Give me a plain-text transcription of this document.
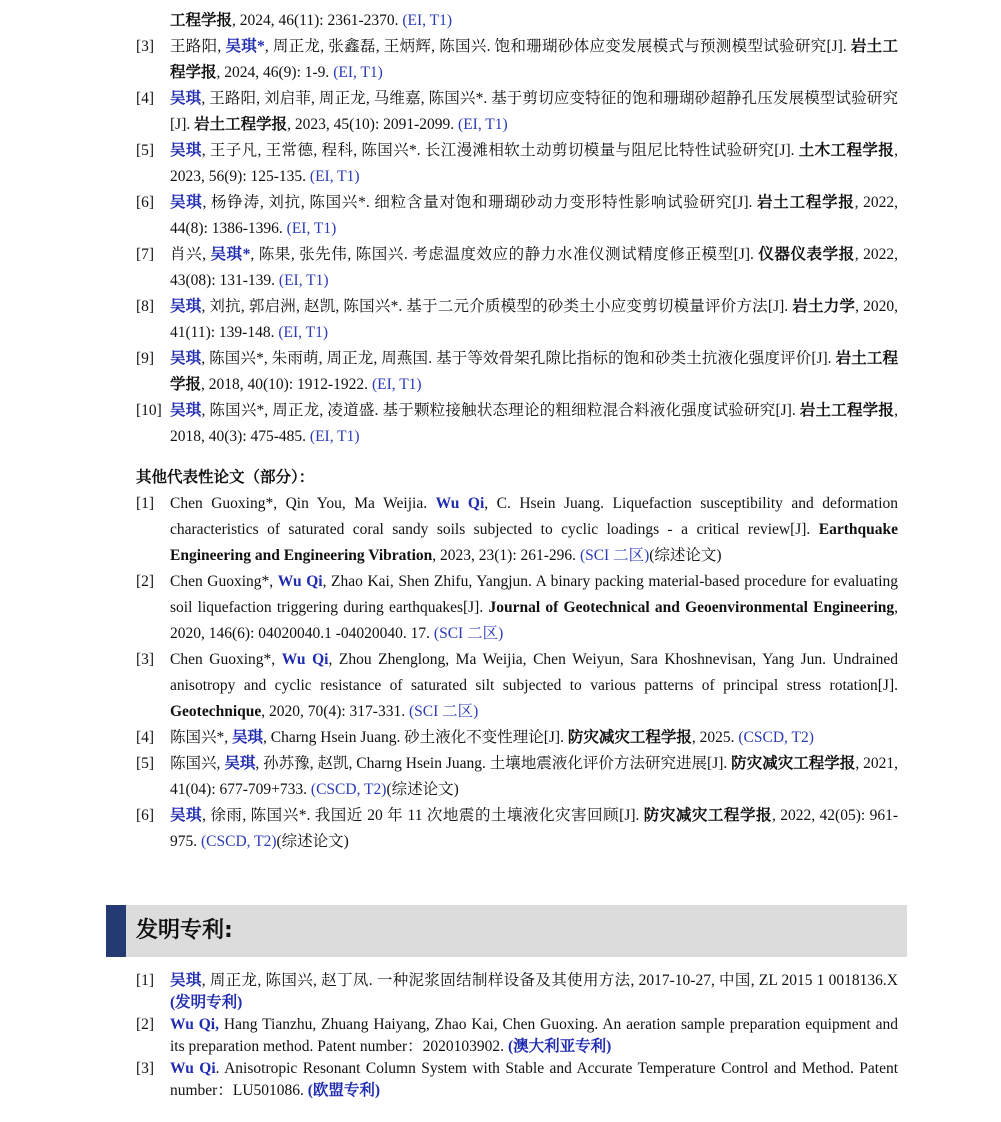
工程学报, 2024, 46(11): 2361-2370. (EI, T1)
[3]	王路阳, 吴琪*, 周正龙, 张鑫磊, 王炳辉, 陈国兴. 饱和珊瑚砂体应变发展模式与预测模型试验研究[J]. 岩土工程学报, 2024, 46(9): 1-9. (EI, T1)
[4]	吴琪, 王路阳, 刘启菲, 周正龙, 马维嘉, 陈国兴*. 基于剪切应变特征的饱和珊瑚砂超静孔压发展模型试验研究[J]. 岩土工程学报, 2023, 45(10): 2091-2099. (EI, T1)
[5]	吴琪, 王子凡, 王常德, 程科, 陈国兴*. 长江漫滩相软土动剪切模量与阻尼比特性试验研究[J]. 土木工程学报, 2023, 56(9): 125-135. (EI, T1)
[6]	吴琪, 杨铮涛, 刘抗, 陈国兴*. 细粒含量对饱和珊瑚砂动力变形特性影响试验研究[J]. 岩土工程学报, 2022, 44(8): 1386-1396. (EI, T1)
[7]	肖兴, 吴琪*, 陈果, 张先伟, 陈国兴. 考虑温度效应的静力水准仪测试精度修正模型[J]. 仪器仪表学报, 2022, 43(08): 131-139. (EI, T1)
[8]	吴琪, 刘抗, 郭启洲, 赵凯, 陈国兴*. 基于二元介质模型的砂类土小应变剪切模量评价方法[J]. 岩土力学, 2020, 41(11): 139-148. (EI, T1)
[9]	吴琪, 陈国兴*, 朱雨萌, 周正龙, 周燕国. 基于等效骨架孔隙比指标的饱和砂类土抗液化强度评价[J]. 岩土工程学报, 2018, 40(10): 1912-1922. (EI, T1)
[10] 吴琪, 陈国兴*, 周正龙, 凌道盛. 基于颗粒接触状态理论的粗细粒混合料液化强度试验研究[J]. 岩土工程学报, 2018, 40(3): 475-485. (EI, T1)
其他代表性论文（部分）：
[1]	Chen Guoxing*, Qin You, Ma Weijia. Wu Qi, C. Hsein Juang. Liquefaction susceptibility and deformation characteristics of saturated coral sandy soils subjected to cyclic loadings - a critical review[J]. Earthquake Engineering and Engineering Vibration, 2023, 23(1): 261-296. (SCI 二区)(综述论文)
[2]	Chen Guoxing*, Wu Qi, Zhao Kai, Shen Zhifu, Yangjun. A binary packing material-based procedure for evaluating soil liquefaction triggering during earthquakes[J]. Journal of Geotechnical and Geoenvironmental Engineering, 2020, 146(6): 04020040.1 -04020040. 17. (SCI 二区)
[3]	Chen Guoxing*, Wu Qi, Zhou Zhenglong, Ma Weijia, Chen Weiyun, Sara Khoshnevisan, Yang Jun. Undrained anisotropy and cyclic resistance of saturated silt subjected to various patterns of principal stress rotation[J]. Geotechnique, 2020, 70(4): 317-331. (SCI 二区)
[4]	陈国兴*, 吴琪, Charng Hsein Juang. 砂土液化不变性理论[J]. 防灾减灾工程学报, 2025. (CSCD, T2)
[5]	陈国兴, 吴琪, 孙苏豫, 赵凯, Charng Hsein Juang. 土壤地震液化评价方法研究进展[J]. 防灾减灾工程学报, 2021, 41(04): 677-709+733. (CSCD, T2)(综述论文)
[6]	吴琪, 徐雨, 陈国兴*. 我国近 20 年 11 次地震的土壤液化灾害回顾[J]. 防灾减灾工程学报, 2022, 42(05): 961-975. (CSCD, T2)(综述论文)
发明专利:
[1]	吴琪, 周正龙, 陈国兴, 赵丁凤. 一种泥浆固结制样设备及其使用方法, 2017-10-27, 中国, ZL 2015 1 0018136.X (发明专利)
[2]	Wu Qi, Hang Tianzhu, Zhuang Haiyang, Zhao Kai, Chen Guoxing. An aeration sample preparation equipment and its preparation method. Patent number：2020103902. (澳大利亚专利)
[3]	Wu Qi. Anisotropic Resonant Column System with Stable and Accurate Temperature Control and Method. Patent number：LU501086. (欧盟专利)
